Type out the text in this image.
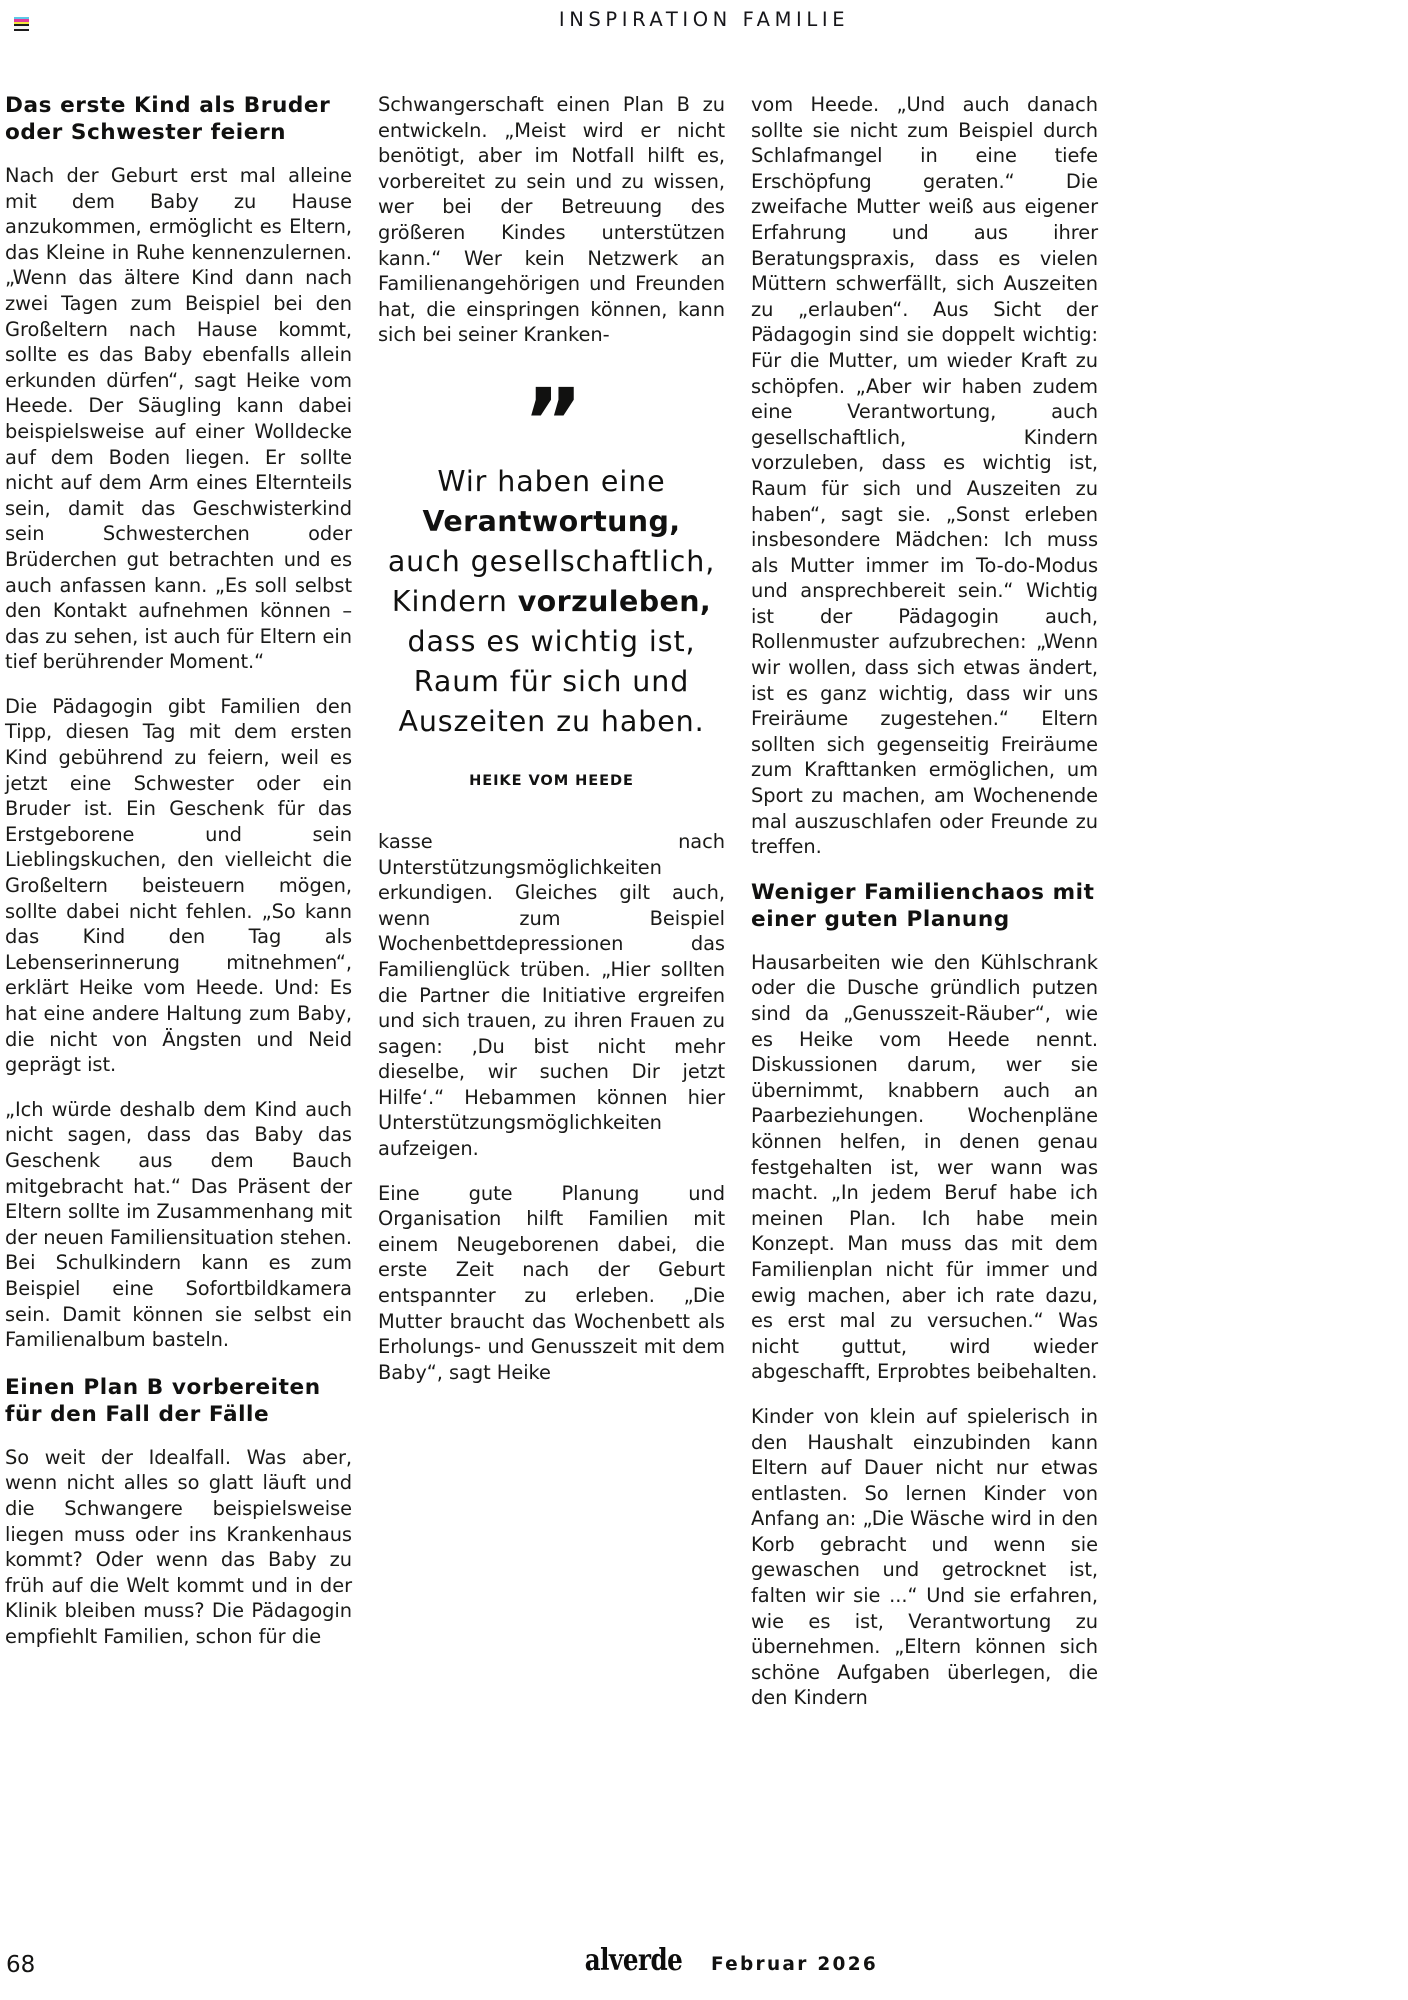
INSPIRATION FAMILIE
Das erste Kind als Bruder oder Schwester feiern

Nach der Geburt erst mal alleine mit dem Baby zu Hause anzukommen, ermöglicht es Eltern, das Kleine in Ruhe kennenzulernen. „Wenn das ältere Kind dann nach zwei Tagen zum Beispiel bei den Großeltern nach Hause kommt, sollte es das Baby ebenfalls allein erkunden dürfen“, sagt Heike vom Heede. Der Säugling kann dabei beispielsweise auf einer Wolldecke auf dem Boden liegen. Er sollte nicht auf dem Arm eines Elternteils sein, damit das Geschwisterkind sein Schwesterchen oder Brüderchen gut betrachten und es auch anfassen kann. „Es soll selbst den Kontakt aufnehmen können – das zu sehen, ist auch für Eltern ein tief berührender Moment.“

Die Pädagogin gibt Familien den Tipp, diesen Tag mit dem ersten Kind gebührend zu feiern, weil es jetzt eine Schwester oder ein Bruder ist. Ein Geschenk für das Erstgeborene und sein Lieblingskuchen, den vielleicht die Großeltern beisteuern mögen, sollte dabei nicht fehlen. „So kann das Kind den Tag als Lebenserinnerung mitnehmen“, erklärt Heike vom Heede. Und: Es hat eine andere Haltung zum Baby, die nicht von Ängsten und Neid geprägt ist.

„Ich würde deshalb dem Kind auch nicht sagen, dass das Baby das Geschenk aus dem Bauch mitgebracht hat.“ Das Präsent der Eltern sollte im Zusammenhang mit der neuen Familiensituation stehen. Bei Schulkindern kann es zum Beispiel eine Sofortbildkamera sein. Damit können sie selbst ein Familienalbum basteln.

Einen Plan B vorbereiten für den Fall der Fälle

So weit der Idealfall. Was aber, wenn nicht alles so glatt läuft und die Schwangere beispielsweise liegen muss oder ins Krankenhaus kommt? Oder wenn das Baby zu früh auf die Welt kommt und in der Klinik bleiben muss? Die Pädagogin empfiehlt Familien, schon für die

Schwangerschaft einen Plan B zu entwickeln. „Meist wird er nicht benötigt, aber im Notfall hilft es, vorbereitet zu sein und zu wissen, wer bei der Betreuung des größeren Kindes unterstützen kann.“ Wer kein Netzwerk an Familienangehörigen und Freunden hat, die einspringen können, kann sich bei seiner Kranken-

”
Wir haben eine Verantwortung, auch gesellschaftlich, Kindern vorzuleben, dass es wichtig ist, Raum für sich und Auszeiten zu haben.
HEIKE VOM HEEDE

kasse nach Unterstützungsmöglichkeiten erkundigen. Gleiches gilt auch, wenn zum Beispiel Wochenbettdepressionen das Familienglück trüben. „Hier sollten die Partner die Initiative ergreifen und sich trauen, zu ihren Frauen zu sagen: ‚Du bist nicht mehr dieselbe, wir suchen Dir jetzt Hilfe‘.“ Hebammen können hier Unterstützungsmöglichkeiten aufzeigen.

Eine gute Planung und Organisation hilft Familien mit einem Neugeborenen dabei, die erste Zeit nach der Geburt entspannter zu erleben. „Die Mutter braucht das Wochenbett als Erholungs- und Genusszeit mit dem Baby“, sagt Heike

vom Heede. „Und auch danach sollte sie nicht zum Beispiel durch Schlafmangel in eine tiefe Erschöpfung geraten.“ Die zweifache Mutter weiß aus eigener Erfahrung und aus ihrer Beratungspraxis, dass es vielen Müttern schwerfällt, sich Auszeiten zu „erlauben“. Aus Sicht der Pädagogin sind sie doppelt wichtig: Für die Mutter, um wieder Kraft zu schöpfen. „Aber wir haben zudem eine Verantwortung, auch gesellschaftlich, Kindern vorzuleben, dass es wichtig ist, Raum für sich und Auszeiten zu haben“, sagt sie. „Sonst erleben insbesondere Mädchen: Ich muss als Mutter immer im To-do-Modus und ansprechbereit sein.“ Wichtig ist der Pädagogin auch, Rollenmuster aufzubrechen: „Wenn wir wollen, dass sich etwas ändert, ist es ganz wichtig, dass wir uns Freiräume zugestehen.“ Eltern sollten sich gegenseitig Freiräume zum Krafttanken ermöglichen, um Sport zu machen, am Wochenende mal auszuschlafen oder Freunde zu treffen.

Weniger Familienchaos mit einer guten Planung

Hausarbeiten wie den Kühlschrank oder die Dusche gründlich putzen sind da „Genusszeit-Räuber“, wie es Heike vom Heede nennt. Diskussionen darum, wer sie übernimmt, knabbern auch an Paarbeziehungen. Wochenpläne können helfen, in denen genau festgehalten ist, wer wann was macht. „In jedem Beruf habe ich meinen Plan. Ich habe mein Konzept. Man muss das mit dem Familienplan nicht für immer und ewig machen, aber ich rate dazu, es erst mal zu versuchen.“ Was nicht guttut, wird wieder abgeschafft, Erprobtes beibehalten.

Kinder von klein auf spielerisch in den Haushalt einzubinden kann Eltern auf Dauer nicht nur etwas entlasten. So lernen Kinder von Anfang an: „Die Wäsche wird in den Korb gebracht und wenn sie gewaschen und getrocknet ist, falten wir sie ...“ Und sie erfahren, wie es ist, Verantwortung zu übernehmen. „Eltern können sich schöne Aufgaben überlegen, die den Kindern

68	alverde Februar 2026
